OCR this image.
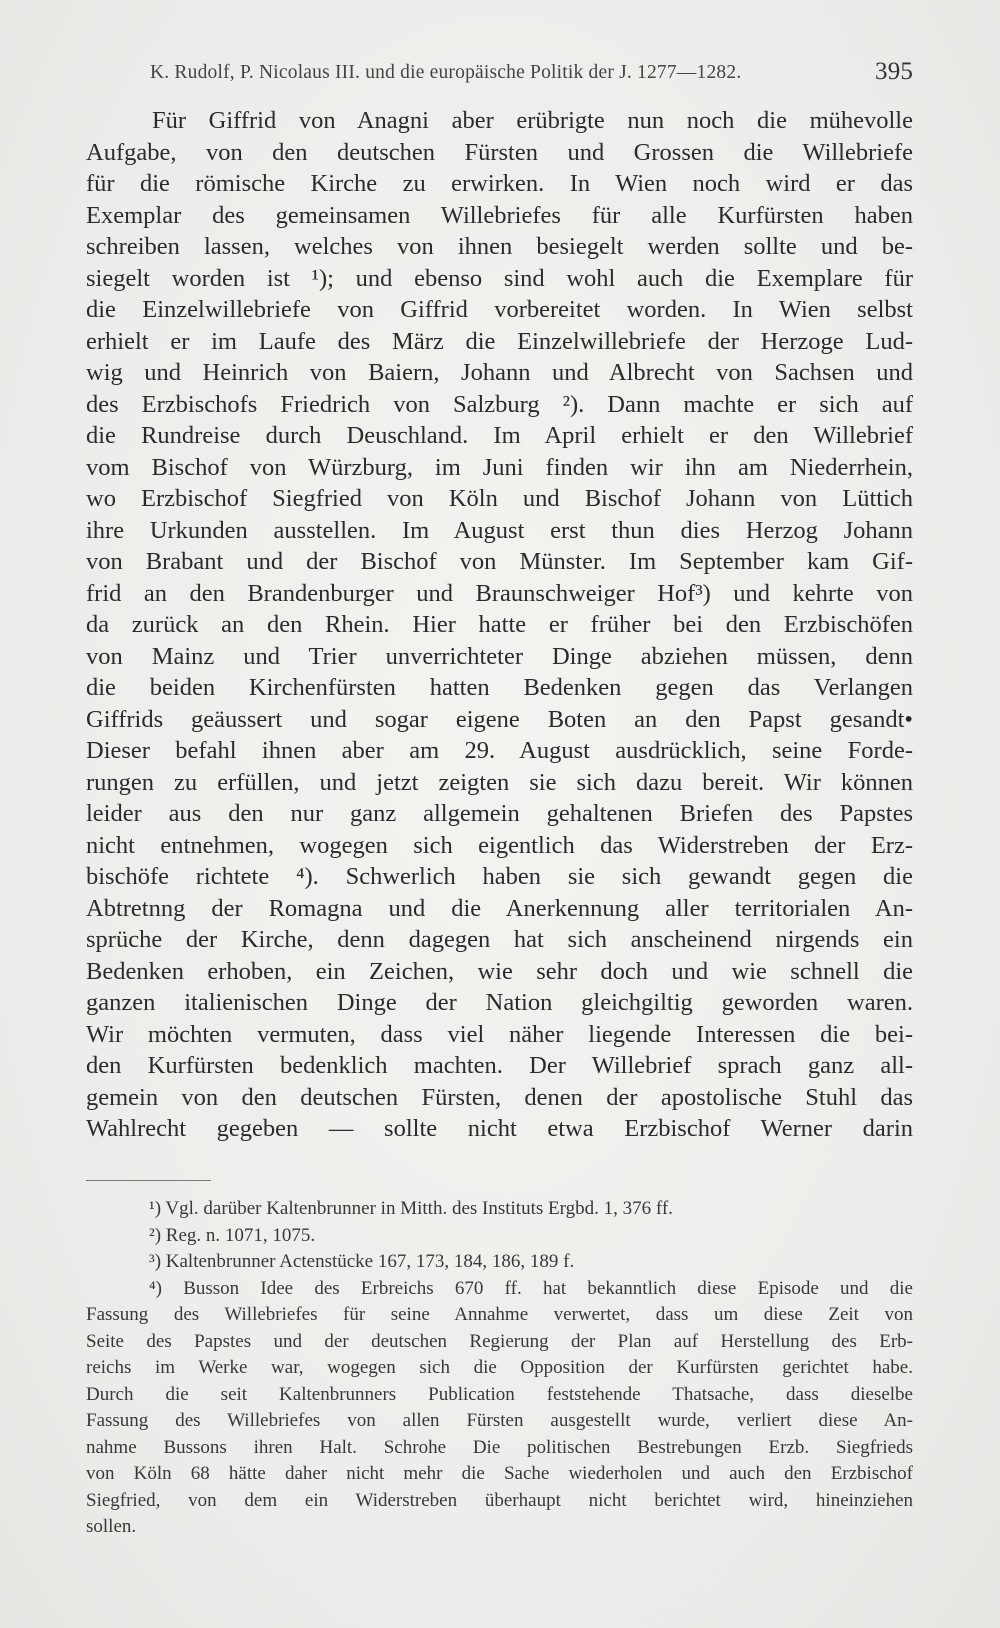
K. Rudolf, P. Nicolaus III. und die europäische Politik der J. 1277—1282.	395
Für Giffrid von Anagni aber erübrigte nun noch die mühevolle
Aufgabe, von den deutschen Fürsten und Grossen die Willebriefe
für die römische Kirche zu erwirken. In Wien noch wird er das
Exemplar des gemeinsamen Willebriefes für alle Kurfürsten haben
schreiben lassen, welches von ihnen besiegelt werden sollte und be-
siegelt worden ist ¹); und ebenso sind wohl auch die Exemplare für
die Einzelwillebriefe von Giffrid vorbereitet worden. In Wien selbst
erhielt er im Laufe des März die Einzelwillebriefe der Herzoge Lud-
wig und Heinrich von Baiern, Johann und Albrecht von Sachsen und
des Erzbischofs Friedrich von Salzburg ²). Dann machte er sich auf
die Rundreise durch Deuschland. Im April erhielt er den Willebrief
vom Bischof von Würzburg, im Juni finden wir ihn am Niederrhein,
wo Erzbischof Siegfried von Köln und Bischof Johann von Lüttich
ihre Urkunden ausstellen. Im August erst thun dies Herzog Johann
von Brabant und der Bischof von Münster. Im September kam Gif-
frid an den Brandenburger und Braunschweiger Hof³) und kehrte von
da zurück an den Rhein. Hier hatte er früher bei den Erzbischöfen
von Mainz und Trier unverrichteter Dinge abziehen müssen, denn
die beiden Kirchenfürsten hatten Bedenken gegen das Verlangen
Giffrids geäussert und sogar eigene Boten an den Papst gesandt•
Dieser befahl ihnen aber am 29. August ausdrücklich, seine Forde-
rungen zu erfüllen, und jetzt zeigten sie sich dazu bereit. Wir können
leider aus den nur ganz allgemein gehaltenen Briefen des Papstes
nicht entnehmen, wogegen sich eigentlich das Widerstreben der Erz-
bischöfe richtete ⁴). Schwerlich haben sie sich gewandt gegen die
Abtretnng der Romagna und die Anerkennung aller territorialen An-
sprüche der Kirche, denn dagegen hat sich anscheinend nirgends ein
Bedenken erhoben, ein Zeichen, wie sehr doch und wie schnell die
ganzen italienischen Dinge der Nation gleichgiltig geworden waren.
Wir möchten vermuten, dass viel näher liegende Interessen die bei-
den Kurfürsten bedenklich machten. Der Willebrief sprach ganz all-
gemein von den deutschen Fürsten, denen der apostolische Stuhl das
Wahlrecht gegeben — sollte nicht etwa Erzbischof Werner darin
¹) Vgl. darüber Kaltenbrunner in Mitth. des Instituts Ergbd. 1, 376 ff.
²) Reg. n. 1071, 1075.
³) Kaltenbrunner Actenstücke 167, 173, 184, 186, 189 f.
⁴) Busson Idee des Erbreichs 670 ff. hat bekanntlich diese Episode und die
Fassung des Willebriefes für seine Annahme verwertet, dass um diese Zeit von
Seite des Papstes und der deutschen Regierung der Plan auf Herstellung des Erb-
reichs im Werke war, wogegen sich die Opposition der Kurfürsten gerichtet habe.
Durch die seit Kaltenbrunners Publication feststehende Thatsache, dass dieselbe
Fassung des Willebriefes von allen Fürsten ausgestellt wurde, verliert diese An-
nahme Bussons ihren Halt. Schrohe Die politischen Bestrebungen Erzb. Siegfrieds
von Köln 68 hätte daher nicht mehr die Sache wiederholen und auch den Erzbischof
Siegfried, von dem ein Widerstreben überhaupt nicht berichtet wird, hineinziehen
sollen.
